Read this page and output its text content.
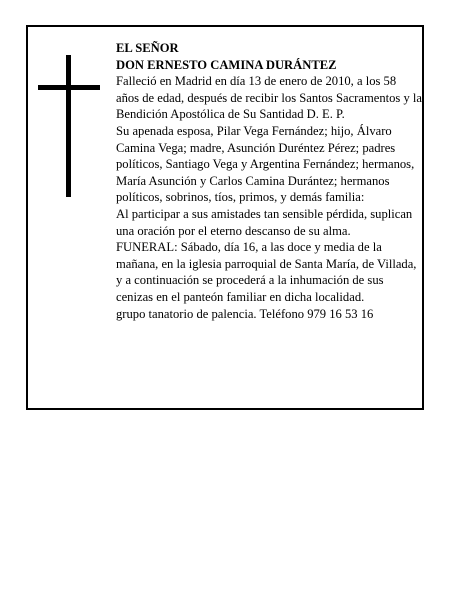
EL SEÑOR

DON ERNESTO CAMINA DURÁNTEZ

Falleció en Madrid en día 13 de enero de 2010, a los 58 años de edad, después de recibir los Santos Sacramentos y la Bendición Apostólica de Su Santidad D. E. P.

Su apenada esposa, Pilar Vega Fernández; hijo, Álvaro Camina Vega; madre, Asunción Duréntez Pérez; padres políticos, Santiago Vega y Argentina Fernández; hermanos, María Asunción y Carlos Camina Durántez; hermanos políticos, sobrinos, tíos, primos, y demás familia:

Al participar a sus amistades tan sensible pérdida, suplican una oración por el eterno descanso de su alma.

FUNERAL: Sábado, día 16, a las doce y media de la mañana, en la iglesia parroquial de Santa María, de Villada, y a continuación se procederá a la inhumación de sus cenizas en el panteón familiar en dicha localidad.

grupo tanatorio de palencia. Teléfono 979 16 53 16
